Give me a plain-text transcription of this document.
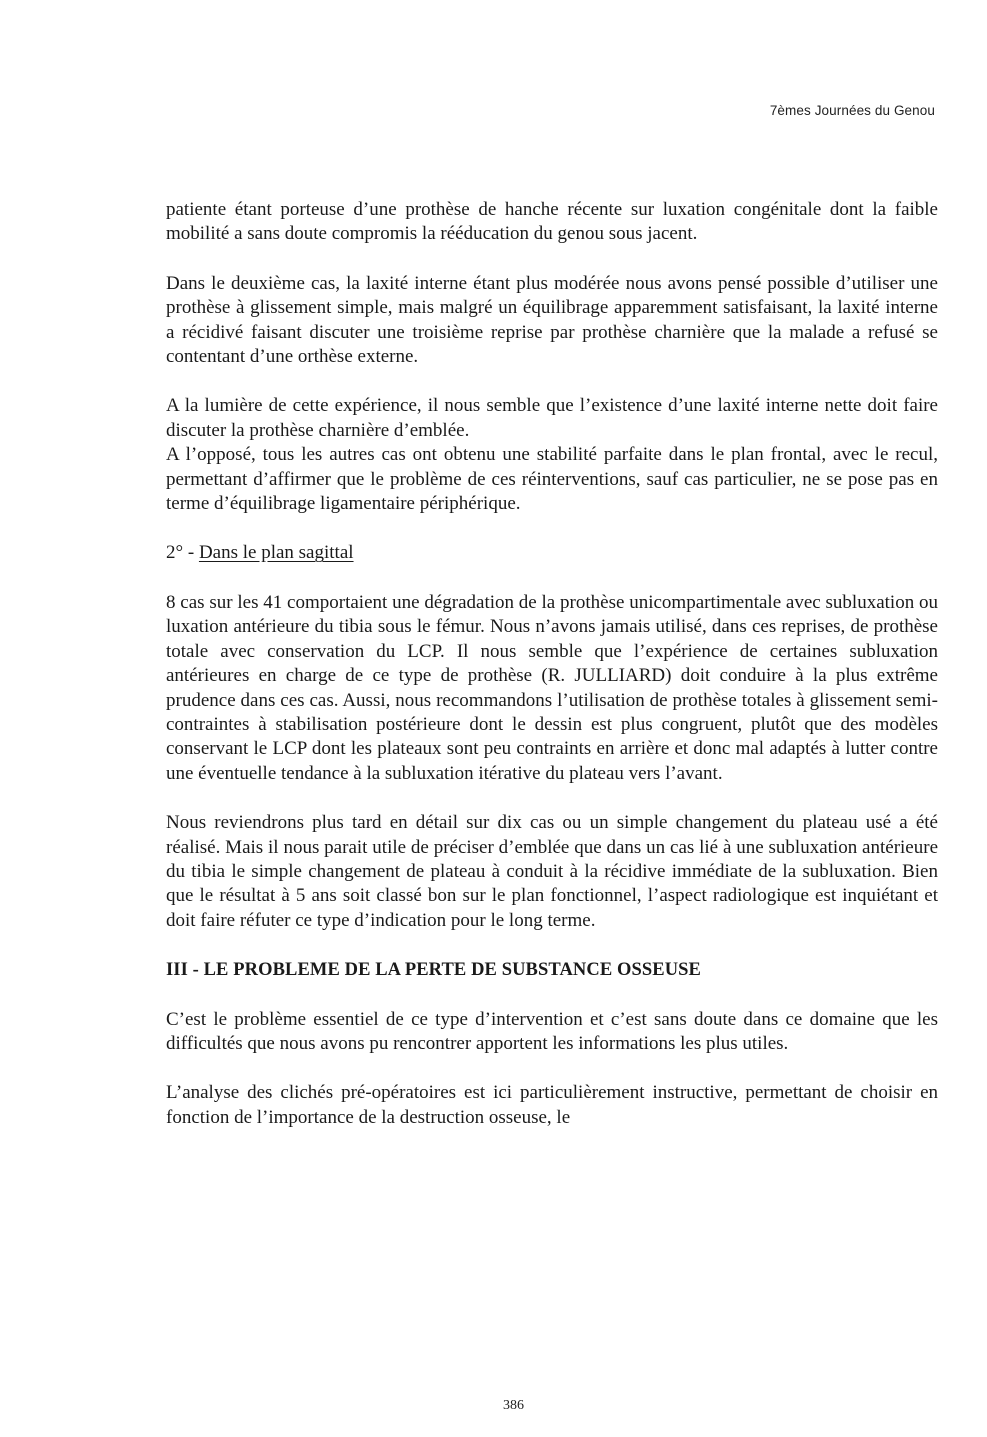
7èmes Journées du Genou

patiente étant porteuse d’une prothèse de hanche récente sur luxation congénitale dont la faible mobilité a sans doute compromis la rééducation du genou sous jacent.

Dans le deuxième cas, la laxité interne étant plus modérée nous avons pensé possible d’utiliser une prothèse à glissement simple, mais malgré un équilibrage apparemment satisfaisant, la laxité interne a récidivé faisant discuter une troisième reprise par prothèse charnière que la malade a refusé se contentant d’une orthèse externe.

A la lumière de cette expérience, il nous semble que l’existence d’une laxité interne nette doit faire discuter la prothèse charnière d’emblée.

A l’opposé, tous les autres cas ont obtenu une stabilité parfaite dans le plan frontal, avec le recul, permettant d’affirmer que le problème de ces réinterventions, sauf cas particulier, ne se pose pas en terme d’équilibrage ligamentaire périphérique.

2° - Dans le plan sagittal

8 cas sur les 41 comportaient une dégradation de la prothèse unicompartimentale avec subluxation ou luxation antérieure du tibia sous le fémur. Nous n’avons jamais utilisé, dans ces reprises, de prothèse totale avec conservation du LCP. Il nous semble que l’expérience de certaines subluxation antérieures en charge de ce type de prothèse (R. JULLIARD) doit conduire à la plus extrême prudence dans ces cas. Aussi, nous recommandons l’utilisation de prothèse totales à glissement semi-contraintes à stabilisation postérieure dont le dessin est plus congruent, plutôt que des modèles conservant le LCP dont les plateaux sont peu contraints en arrière et donc mal adaptés à lutter contre une éventuelle tendance à la subluxation itérative du plateau vers l’avant.

Nous reviendrons plus tard en détail sur dix cas ou un simple changement du plateau usé a été réalisé. Mais il nous parait utile de préciser d’emblée que dans un cas lié à une subluxation antérieure du tibia le simple changement de plateau à conduit à la récidive immédiate de la subluxation. Bien que le résultat à 5 ans soit classé bon sur le plan fonctionnel, l’aspect radiologique est inquiétant et doit faire réfuter ce type d’indication pour le long terme.

III - LE PROBLEME DE LA PERTE DE SUBSTANCE OSSEUSE

C’est le problème essentiel de ce type d’intervention et c’est sans doute dans ce domaine que les difficultés que nous avons pu rencontrer apportent les informations les plus utiles.

L’analyse des clichés pré-opératoires est ici particulièrement instructive, permettant de choisir en fonction de l’importance de la destruction osseuse, le

386
